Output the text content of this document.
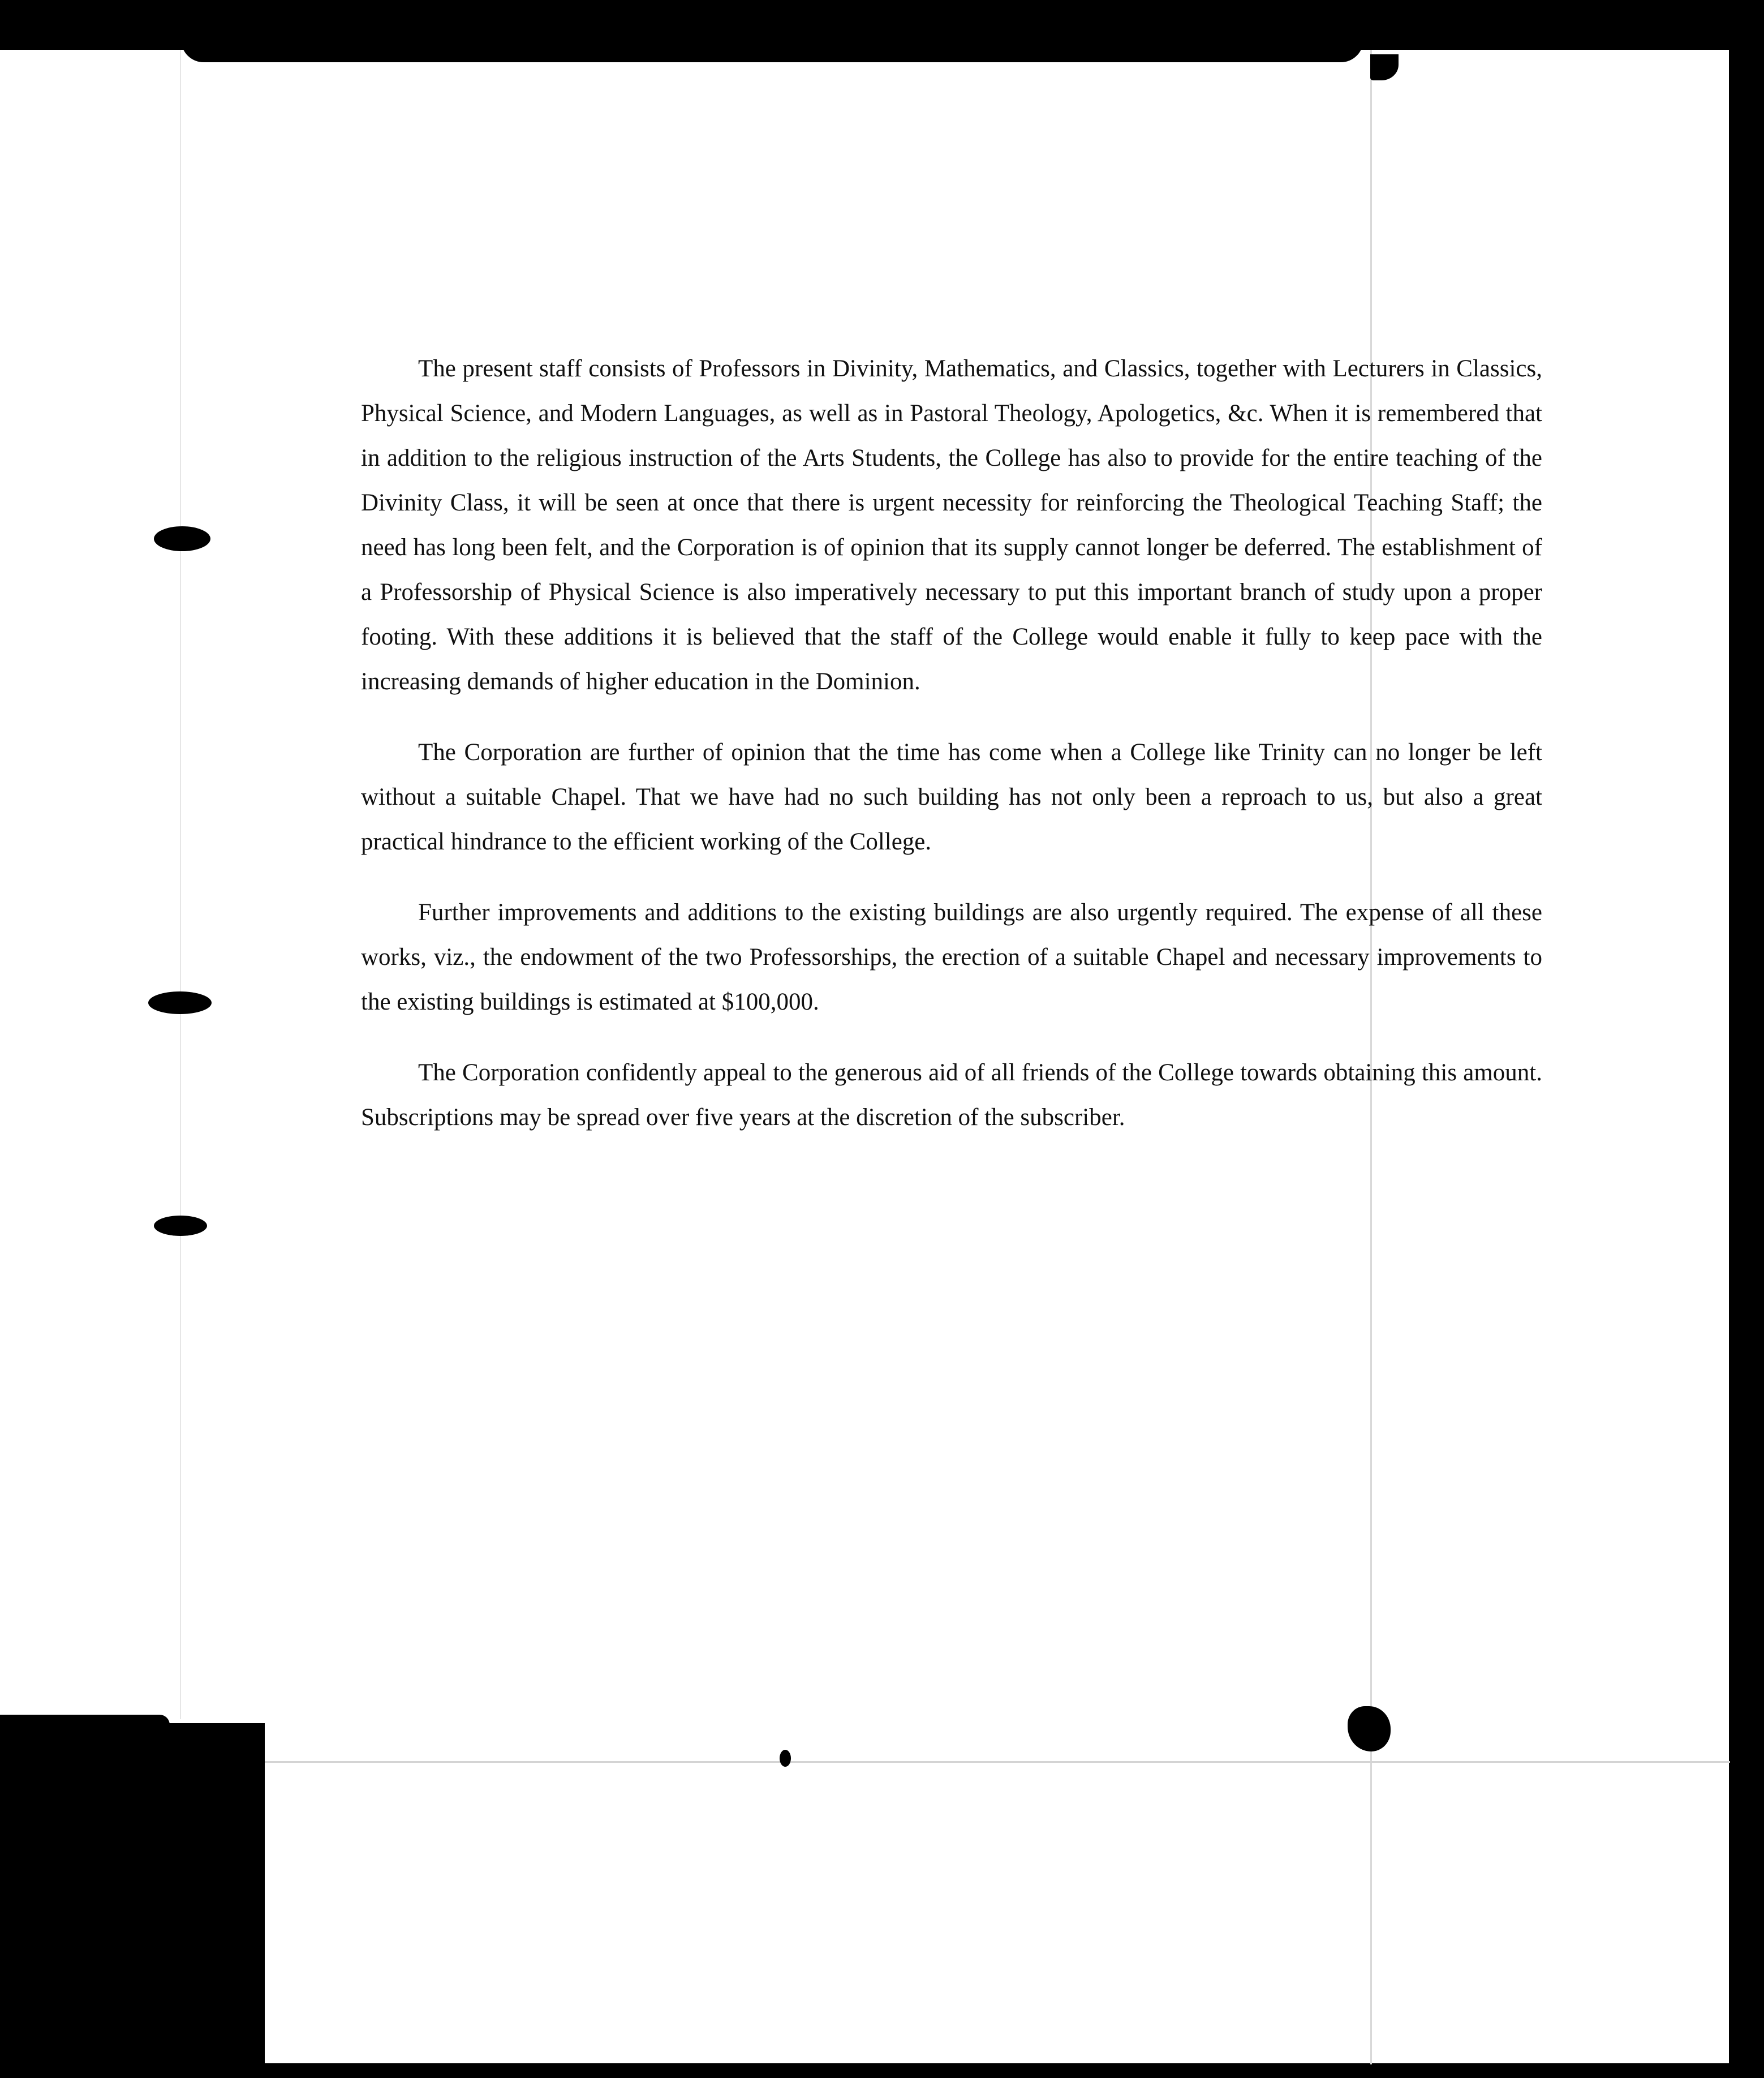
The present staff consists of Professors in Divinity, Mathematics, and Classics, together with Lecturers in Classics, Physical Science, and Modern Languages, as well as in Pastoral Theology, Apologetics, &c. When it is remembered that in addition to the religious instruction of the Arts Students, the College has also to provide for the entire teaching of the Divinity Class, it will be seen at once that there is urgent necessity for reinforcing the Theological Teaching Staff; the need has long been felt, and the Corporation is of opinion that its supply cannot longer be deferred. The establishment of a Professorship of Physical Science is also imperatively necessary to put this important branch of study upon a proper footing. With these additions it is believed that the staff of the College would enable it fully to keep pace with the increasing demands of higher education in the Dominion.

The Corporation are further of opinion that the time has come when a College like Trinity can no longer be left without a suitable Chapel. That we have had no such building has not only been a reproach to us, but also a great practical hindrance to the efficient working of the College.

Further improvements and additions to the existing buildings are also urgently required. The expense of all these works, viz., the endowment of the two Professorships, the erection of a suitable Chapel and necessary improvements to the existing buildings is estimated at $100,000.

The Corporation confidently appeal to the generous aid of all friends of the College towards obtaining this amount. Subscriptions may be spread over five years at the discretion of the subscriber.
